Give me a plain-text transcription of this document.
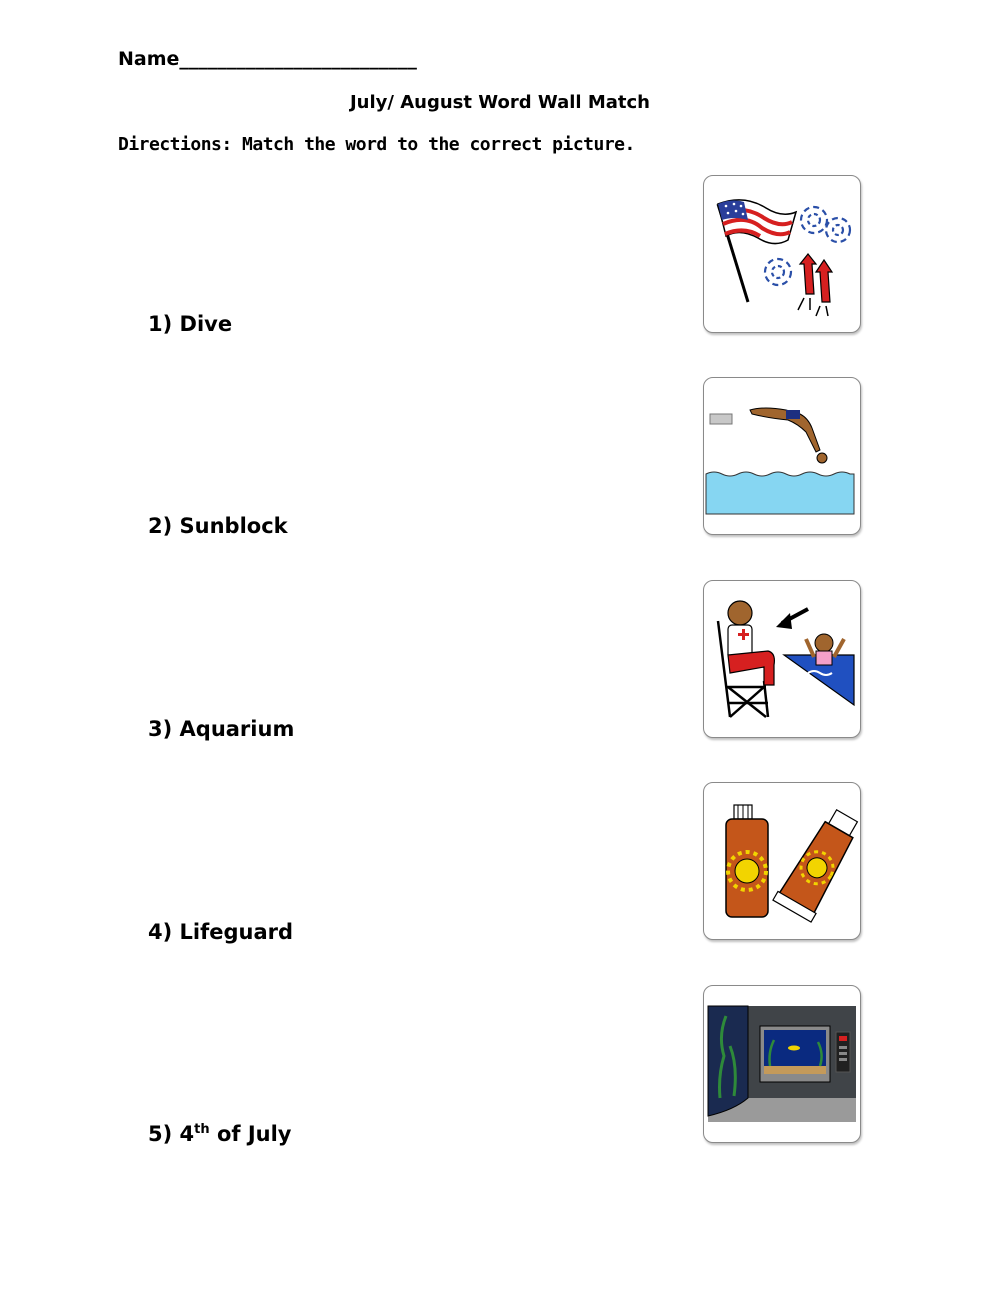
Name_________________________
July/ August Word Wall Match
Directions: Match the word to the correct picture.
1) Dive
2) Sunblock
3) Aquarium
4) Lifeguard
5) 4th of July
